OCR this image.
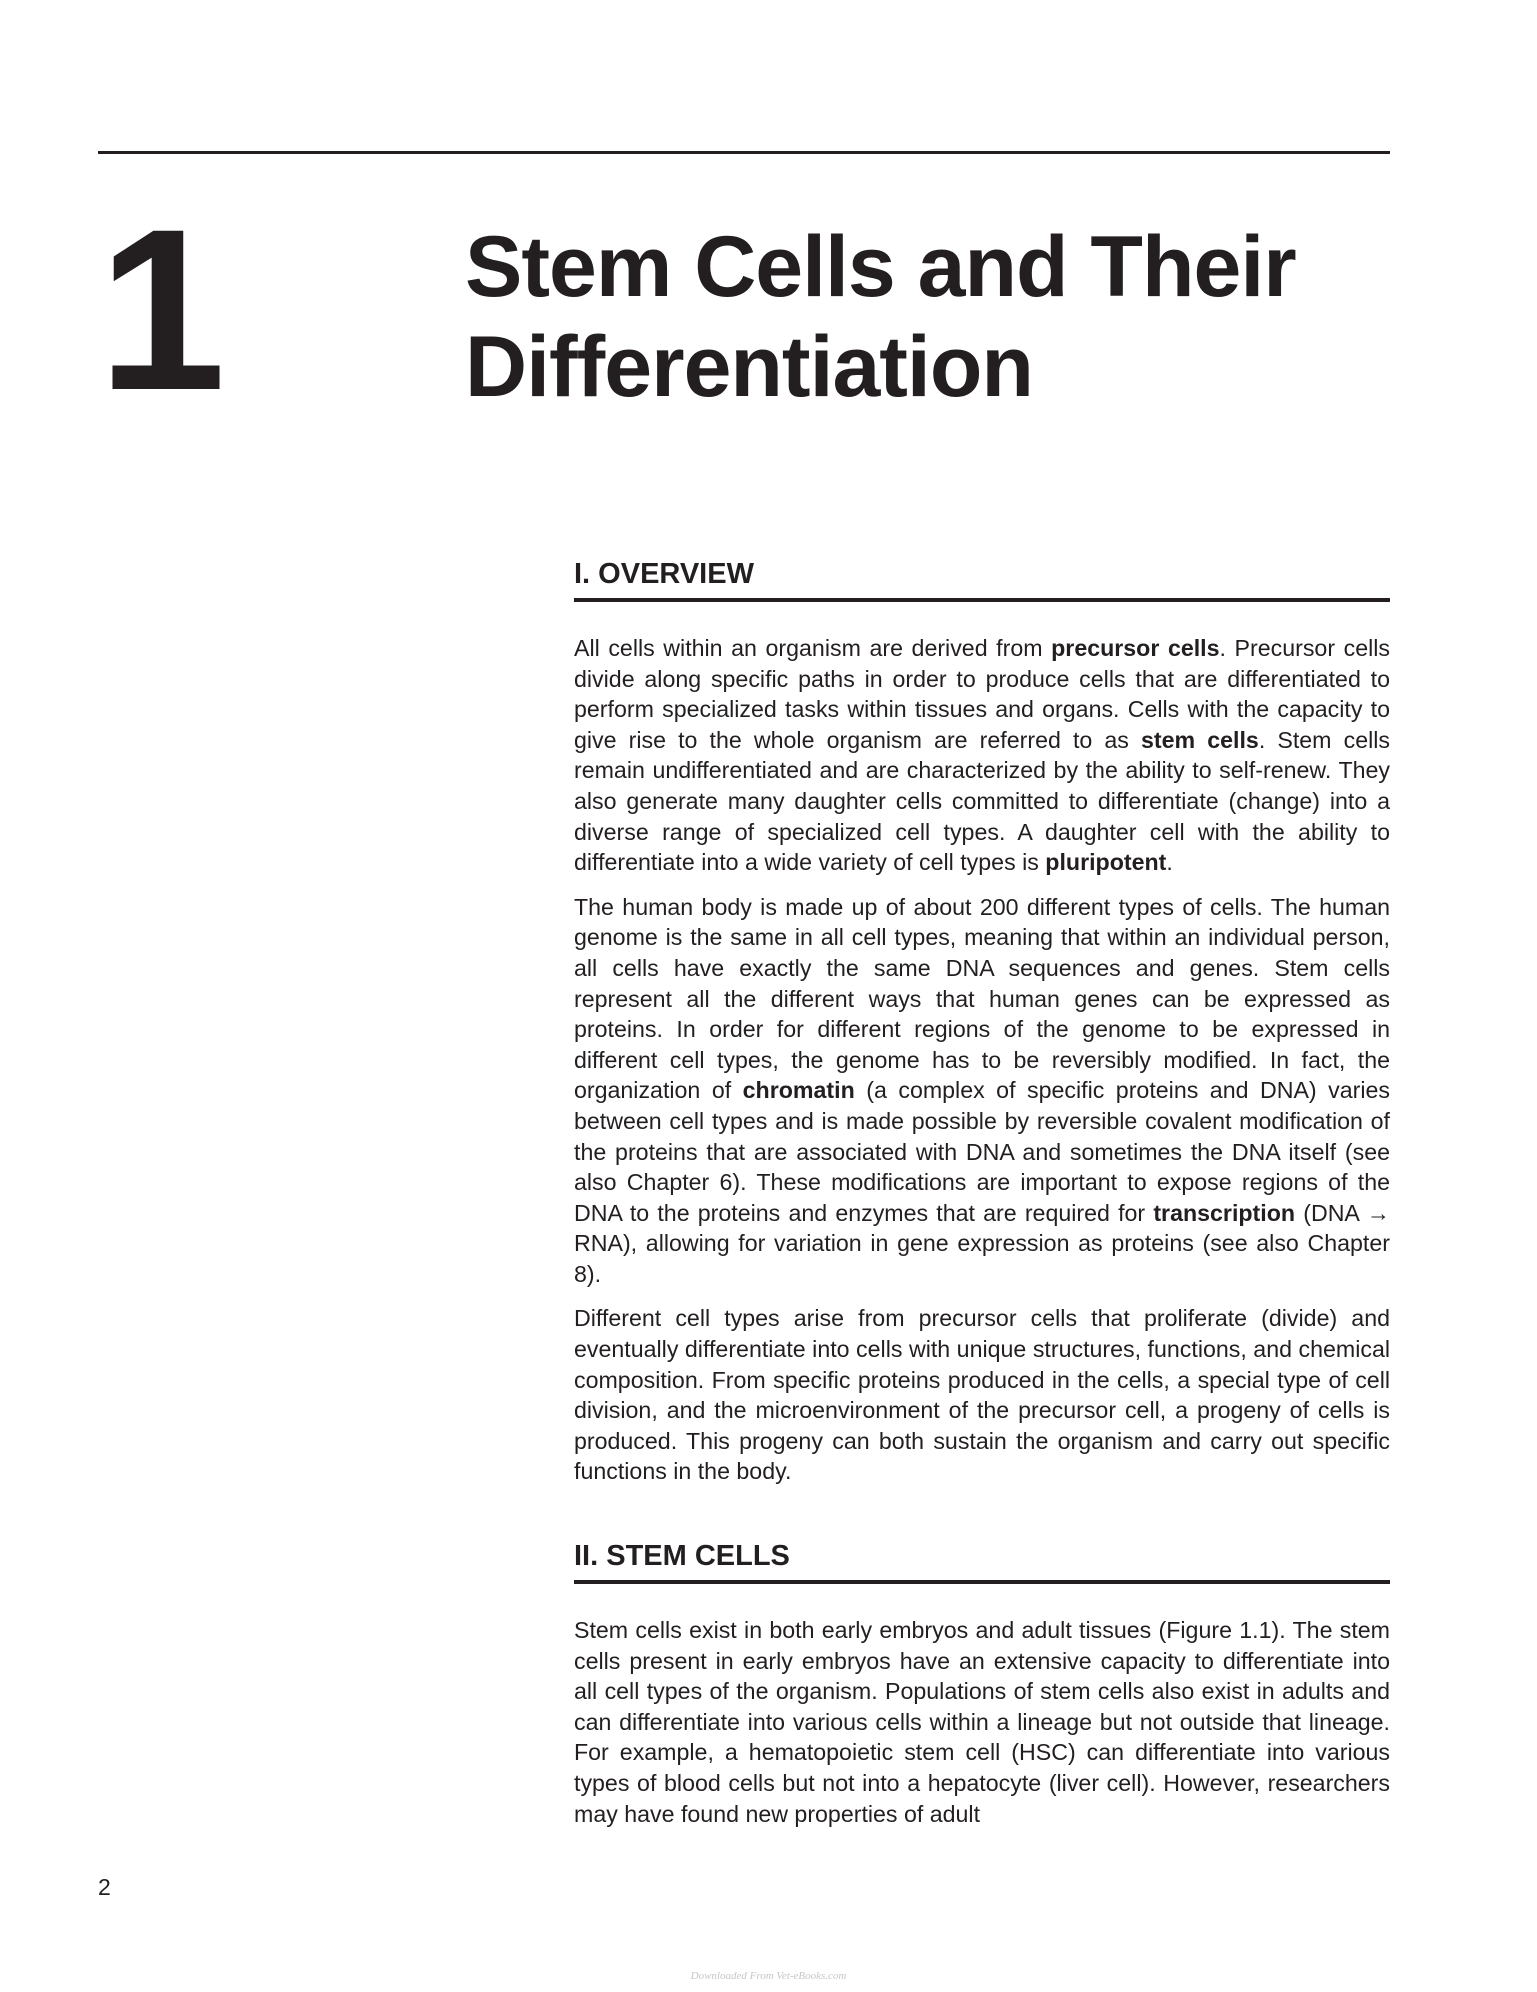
1	Stem Cells and Their
Differentiation
I. OVERVIEW

All cells within an organism are derived from precursor cells. Precursor cells divide along specific paths in order to produce cells that are differentiated to perform specialized tasks within tissues and organs. Cells with the capacity to give rise to the whole organism are referred to as stem cells. Stem cells remain undifferentiated and are characterized by the ability to self-renew. They also generate many daughter cells committed to differentiate (change) into a diverse range of specialized cell types. A daughter cell with the ability to differentiate into a wide variety of cell types is pluripotent.

The human body is made up of about 200 different types of cells. The human genome is the same in all cell types, meaning that within an individual person, all cells have exactly the same DNA sequences and genes. Stem cells represent all the different ways that human genes can be expressed as proteins. In order for different regions of the genome to be expressed in different cell types, the genome has to be reversibly modified. In fact, the organization of chromatin (a complex of specific proteins and DNA) varies between cell types and is made possible by reversible covalent modification of the proteins that are associated with DNA and sometimes the DNA itself (see also Chapter 6). These modifications are important to expose regions of the DNA to the proteins and enzymes that are required for transcription (DNA → RNA), allowing for variation in gene expression as proteins (see also Chapter 8).

Different cell types arise from precursor cells that proliferate (divide) and eventually differentiate into cells with unique structures, functions, and chemical composition. From specific proteins produced in the cells, a special type of cell division, and the microenvironment of the precursor cell, a progeny of cells is produced. This progeny can both sustain the organism and carry out specific functions in the body.

II. STEM CELLS

Stem cells exist in both early embryos and adult tissues (Figure 1.1). The stem cells present in early embryos have an extensive capacity to differentiate into all cell types of the organism. Populations of stem cells also exist in adults and can differentiate into various cells within a lineage but not outside that lineage. For example, a hematopoietic stem cell (HSC) can differentiate into various types of blood cells but not into a hepatocyte (liver cell). However, researchers may have found new properties of adult

2
Downloaded From Vet-eBooks.com
